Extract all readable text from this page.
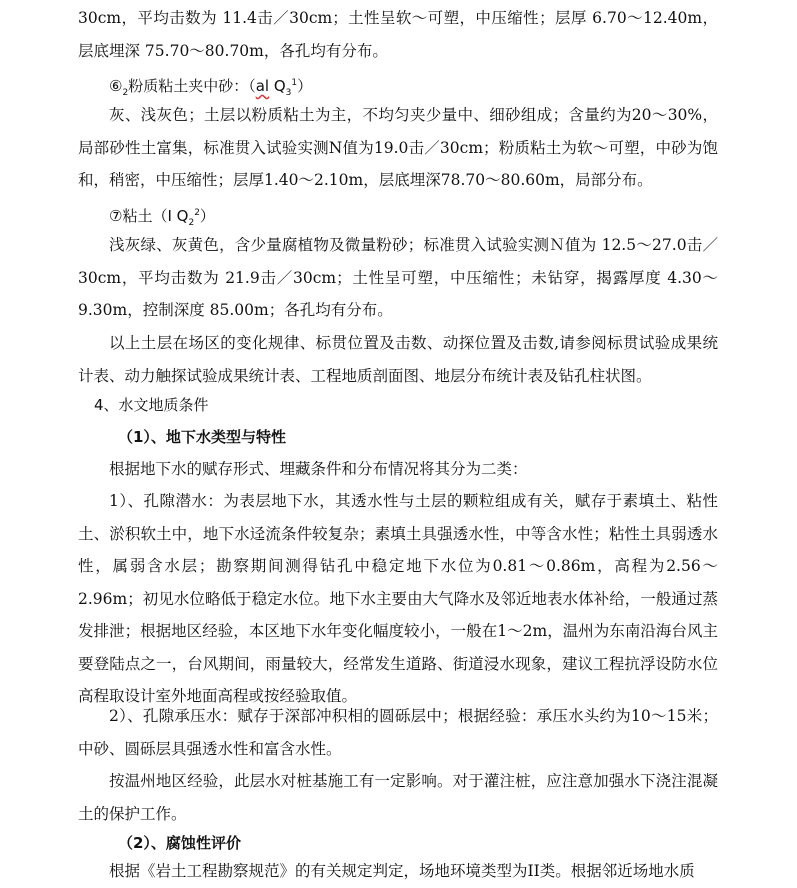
30cm，平均击数为 11.4击／30cm；土性呈软～可塑，中压缩性；层厚 6.70～12.40m，层底埋深 75.70～80.70m，各孔均有分布。

$⑥_2$粉质粘土夹中砂：（al $Q_3^1$）

灰、浅灰色；土层以粉质粘土为主，不均匀夹少量中、细砂组成；含量约为20～30%，局部砂性土富集，标准贯入试验实测N值为19.0击／30cm；粉质粘土为软～可塑，中砂为饱和，稍密，中压缩性；层厚1.40～2.10m，层底埋深78.70～80.60m，局部分布。

⑦粘土（Ⅰ $Q_2^2$）

浅灰绿、灰黄色，含少量腐植物及微量粉砂；标准贯入试验实测Ｎ值为 12.5～27.0击／30cm，平均击数为 21.9击／30cm；土性呈可塑，中压缩性；未钻穿，揭露厚度 4.30～9.30m，控制深度 85.00m；各孔均有分布。

以上土层在场区的变化规律、标贯位置及击数、动探位置及击数,请参阅标贯试验成果统计表、动力触探试验成果统计表、工程地质剖面图、地层分布统计表及钻孔柱状图。

4、水文地质条件

（1）、地下水类型与特性

根据地下水的赋存形式、埋藏条件和分布情况将其分为二类：

1）、孔隙潜水：为表层地下水，其透水性与土层的颗粒组成有关，赋存于素填土、粘性土、淤积软土中，地下水迳流条件较复杂；素填土具强透水性，中等含水性；粘性土具弱透水性，属弱含水层；勘察期间测得钻孔中稳定地下水位为0.81～0.86m，高程为2.56～2.96m；初见水位略低于稳定水位。地下水主要由大气降水及邻近地表水体补给，一般通过蒸发排泄；根据地区经验，本区地下水年变化幅度较小，一般在1～2m，温州为东南沿海台风主要登陆点之一，台风期间，雨量较大，经常发生道路、街道浸水现象，建议工程抗浮设防水位高程取设计室外地面高程或按经验取值。

2）、孔隙承压水：赋存于深部冲积相的圆砾层中；根据经验：承压水头约为10～15米；中砂、圆砾层具强透水性和富含水性。

按温州地区经验，此层水对桩基施工有一定影响。对于灌注桩，应注意加强水下浇注混凝土的保护工作。

（2）、腐蚀性评价

根据《岩土工程勘察规范》的有关规定判定，场地环境类型为II类。根据邻近场地水质
